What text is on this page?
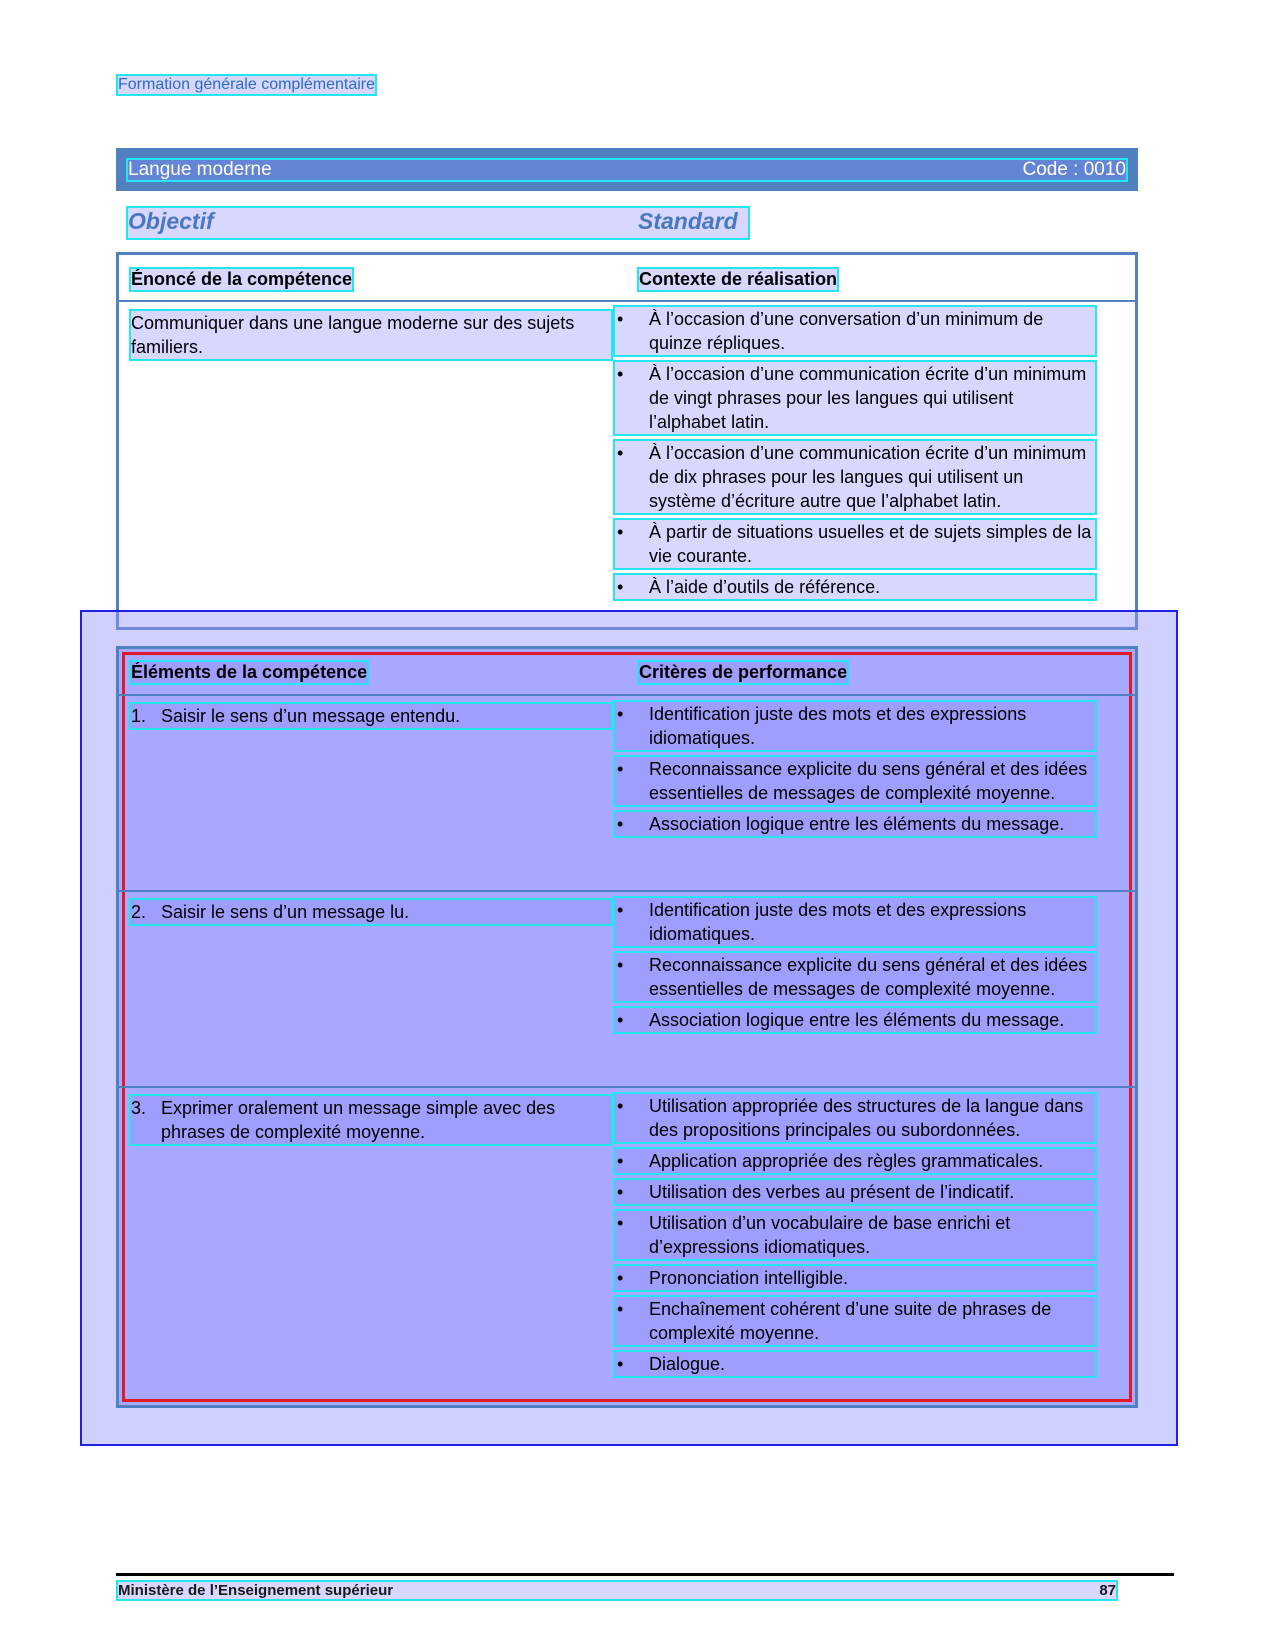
Formation générale complémentaire
Langue moderne	Code : 0010
Objectif	Standard
Énoncé de la compétence	Contexte de réalisation
Communiquer dans une langue moderne sur des sujets familiers.
• À l’occasion d’une conversation d’un minimum de quinze répliques.
• À l’occasion d’une communication écrite d’un minimum de vingt phrases pour les langues qui utilisent l’alphabet latin.
• À l’occasion d’une communication écrite d’un minimum de dix phrases pour les langues qui utilisent un système d’écriture autre que l’alphabet latin.
• À partir de situations usuelles et de sujets simples de la vie courante.
• À l’aide d’outils de référence.
Éléments de la compétence	Critères de performance
1. Saisir le sens d’un message entendu.	• Identification juste des mots et des expressions idiomatiques.
• Reconnaissance explicite du sens général et des idées essentielles de messages de complexité moyenne.
• Association logique entre les éléments du message.
2. Saisir le sens d’un message lu.	• Identification juste des mots et des expressions idiomatiques.
• Reconnaissance explicite du sens général et des idées essentielles de messages de complexité moyenne.
• Association logique entre les éléments du message.
3. Exprimer oralement un message simple avec des phrases de complexité moyenne.
• Utilisation appropriée des structures de la langue dans des propositions principales ou subordonnées.
• Application appropriée des règles grammaticales.
• Utilisation des verbes au présent de l’indicatif.
• Utilisation d’un vocabulaire de base enrichi et d’expressions idiomatiques.
• Prononciation intelligible.
• Enchaînement cohérent d’une suite de phrases de complexité moyenne.
• Dialogue.
Ministère de l’Enseignement supérieur	87
